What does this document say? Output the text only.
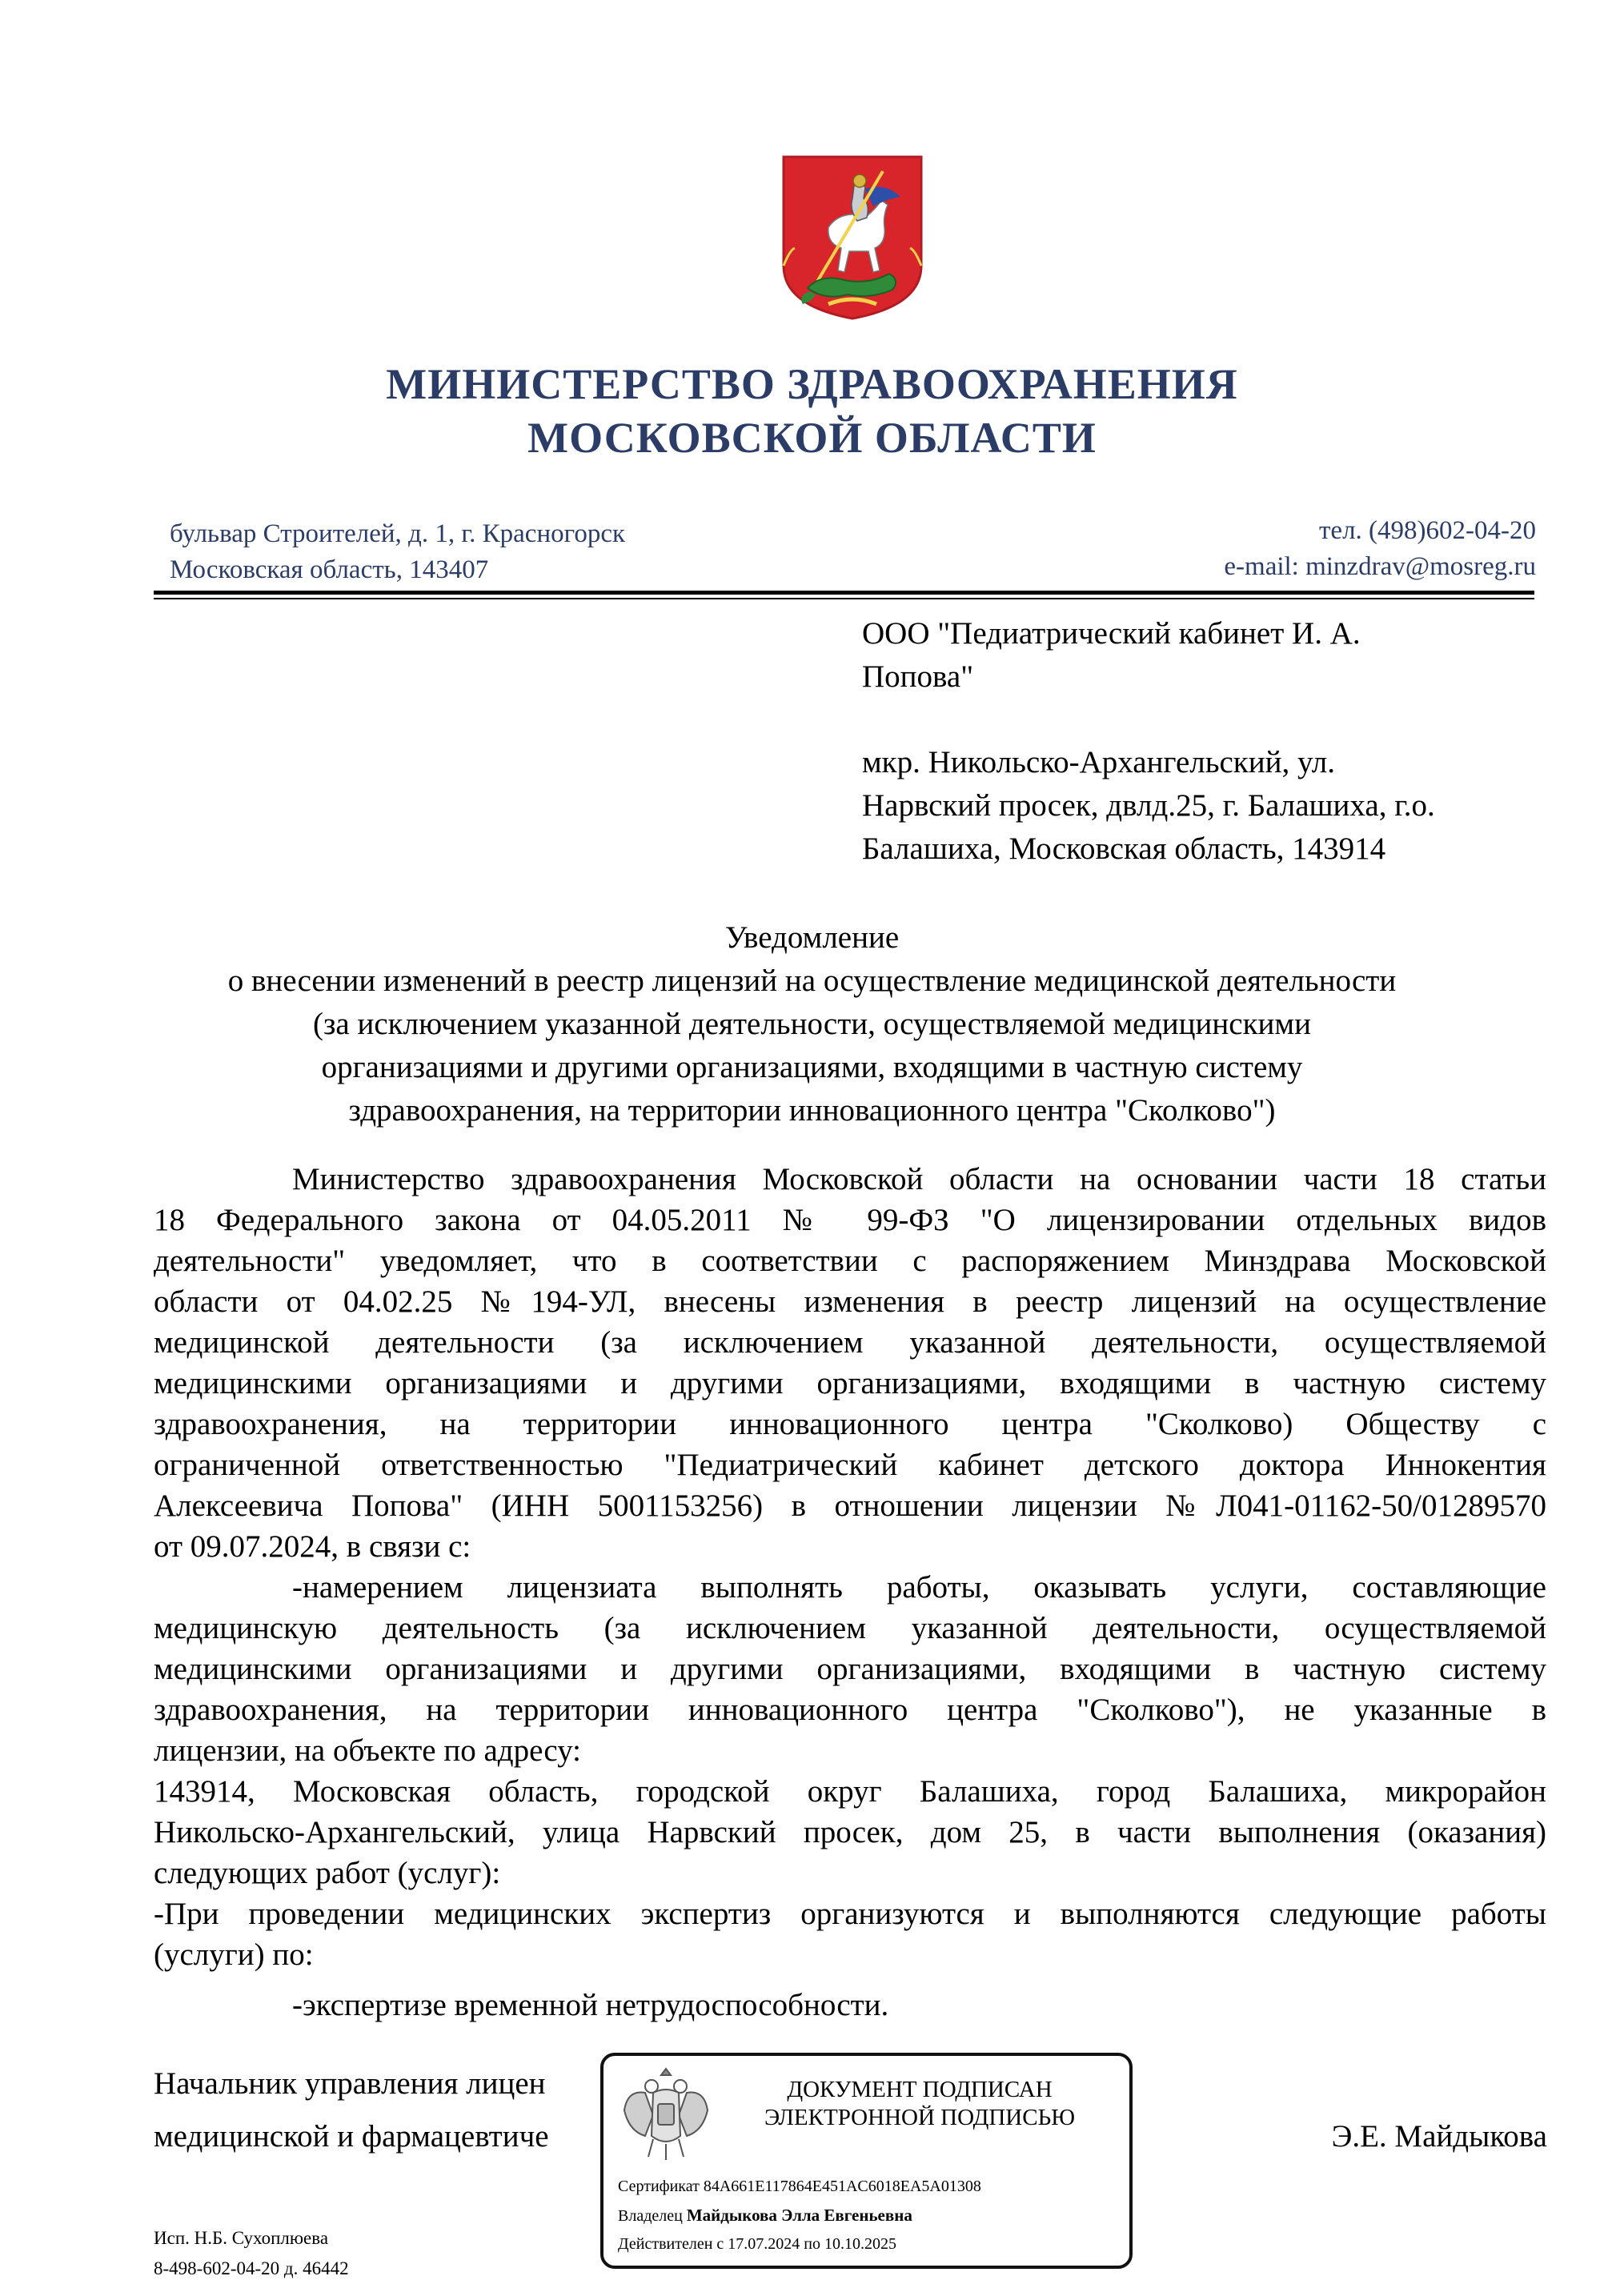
МИНИСТЕРСТВО ЗДРАВООХРАНЕНИЯ
МОСКОВСКОЙ ОБЛАСТИ
бульвар Строителей, д. 1, г. Красногорск
Московская область, 143407
тел. (498)602-04-20
e-mail: minzdrav@mosreg.ru
ООО "Педиатрический кабинет И. А.
Попова"
мкр. Никольско-Архангельский, ул.
Нарвский просек, двлд.25, г. Балашиха, г.о.
Балашиха, Московская область, 143914
Уведомление
о внесении изменений в реестр лицензий на осуществление медицинской деятельности
(за исключением указанной деятельности, осуществляемой медицинскими
организациями и другими организациями, входящими в частную систему
здравоохранения, на территории инновационного центра "Сколково")
Министерство здравоохранения Московской области на основании части 18 статьи
18 Федерального закона от 04.05.2011 № 99-ФЗ "О лицензировании отдельных видов
деятельности" уведомляет, что в соответствии с распоряжением Минздрава Московской
области от 04.02.25 №194-УЛ, внесены изменения в реестр лицензий на осуществление
медицинской деятельности (за исключением указанной деятельности, осуществляемой
медицинскими организациями и другими организациями, входящими в частную систему
здравоохранения, на территории инновационного центра "Сколково) Обществу с
ограниченной ответственностью "Педиатрический кабинет детского доктора Иннокентия
Алексеевича Попова" (ИНН 5001153256) в отношении лицензии №Л041-01162-50/01289570
от 09.07.2024, в связи с:
-намерением лицензиата выполнять работы, оказывать услуги, составляющие
медицинскую деятельность (за исключением указанной деятельности, осуществляемой
медицинскими организациями и другими организациями, входящими в частную систему
здравоохранения, на территории инновационного центра "Сколково"), не указанные в
лицензии, на объекте по адресу:
143914, Московская область, городской округ Балашиха, город Балашиха, микрорайон
Никольско-Архангельский, улица Нарвский просек, дом 25, в части выполнения (оказания)
следующих работ (услуг):
-При проведении медицинских экспертиз организуются и выполняются следующие работы
(услуги) по:
-экспертизе временной нетрудоспособности.
Начальник управления лицен
медицинской и фармацевтиче	Э.Е. Майдыкова
ДОКУМЕНТ ПОДПИСАН
ЭЛЕКТРОННОЙ ПОДПИСЬЮ
Сертификат 84A661E117864E451AC6018EA5A01308
Владелец Майдыкова Элла Евгеньевна
Действителен с 17.07.2024 по 10.10.2025
Исп. Н.Б. Сухоплюева
8-498-602-04-20 д. 46442
